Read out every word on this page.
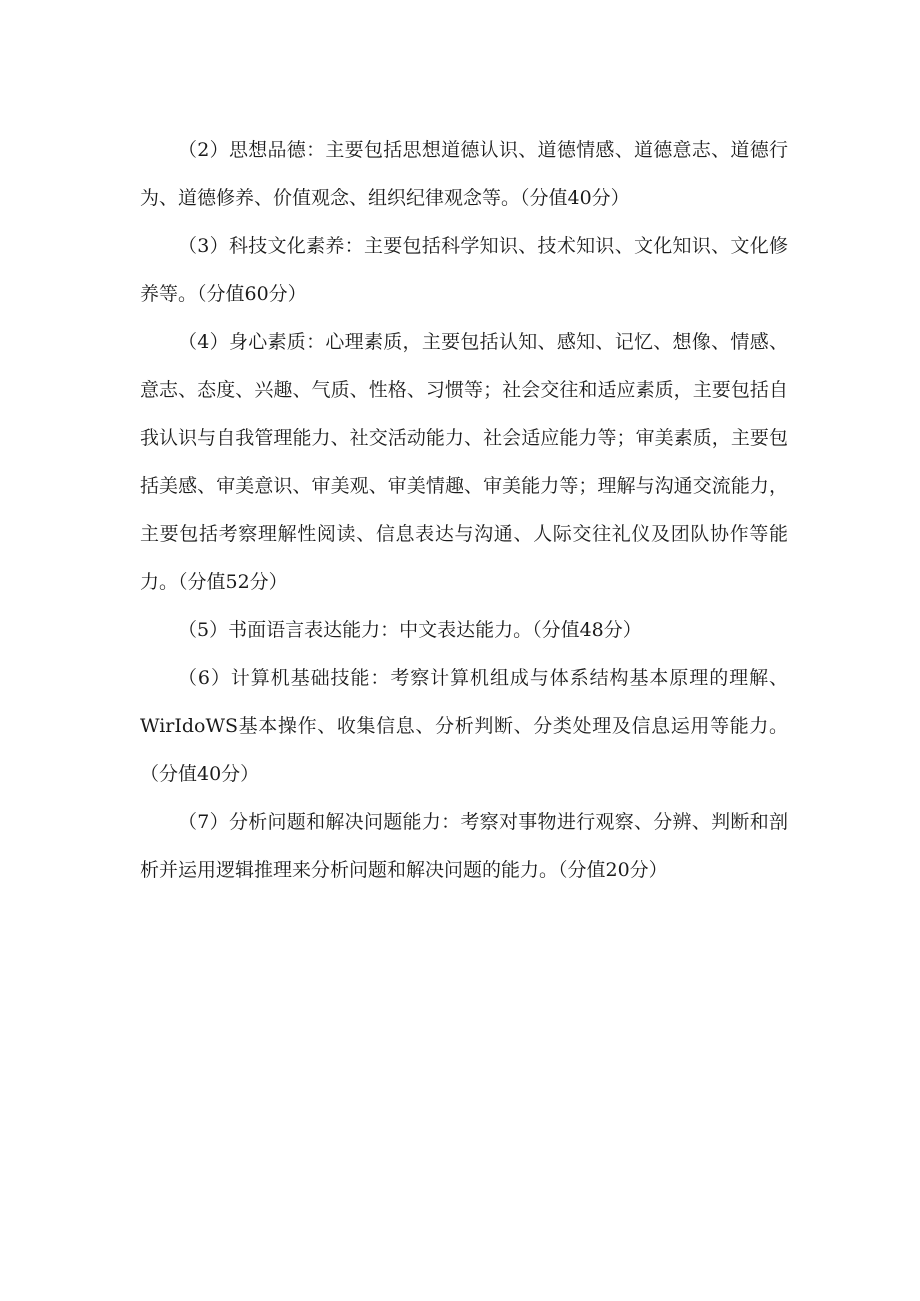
（2）思想品德：主要包括思想道德认识、道德情感、道德意志、道德行为、道德修养、价值观念、组织纪律观念等。（分值40分）

（3）科技文化素养：主要包括科学知识、技术知识、文化知识、文化修养等。（分值60分）

（4）身心素质：心理素质，主要包括认知、感知、记忆、想像、情感、意志、态度、兴趣、气质、性格、习惯等；社会交往和适应素质，主要包括自我认识与自我管理能力、社交活动能力、社会适应能力等；审美素质，主要包括美感、审美意识、审美观、审美情趣、审美能力等；理解与沟通交流能力，主要包括考察理解性阅读、信息表达与沟通、人际交往礼仪及团队协作等能力。（分值52分）

（5）书面语言表达能力：中文表达能力。（分值48分）

（6）计算机基础技能：考察计算机组成与体系结构基本原理的理解、WirIdoWS基本操作、收集信息、分析判断、分类处理及信息运用等能力。（分值40分）

（7）分析问题和解决问题能力：考察对事物进行观察、分辨、判断和剖析并运用逻辑推理来分析问题和解决问题的能力。（分值20分）
